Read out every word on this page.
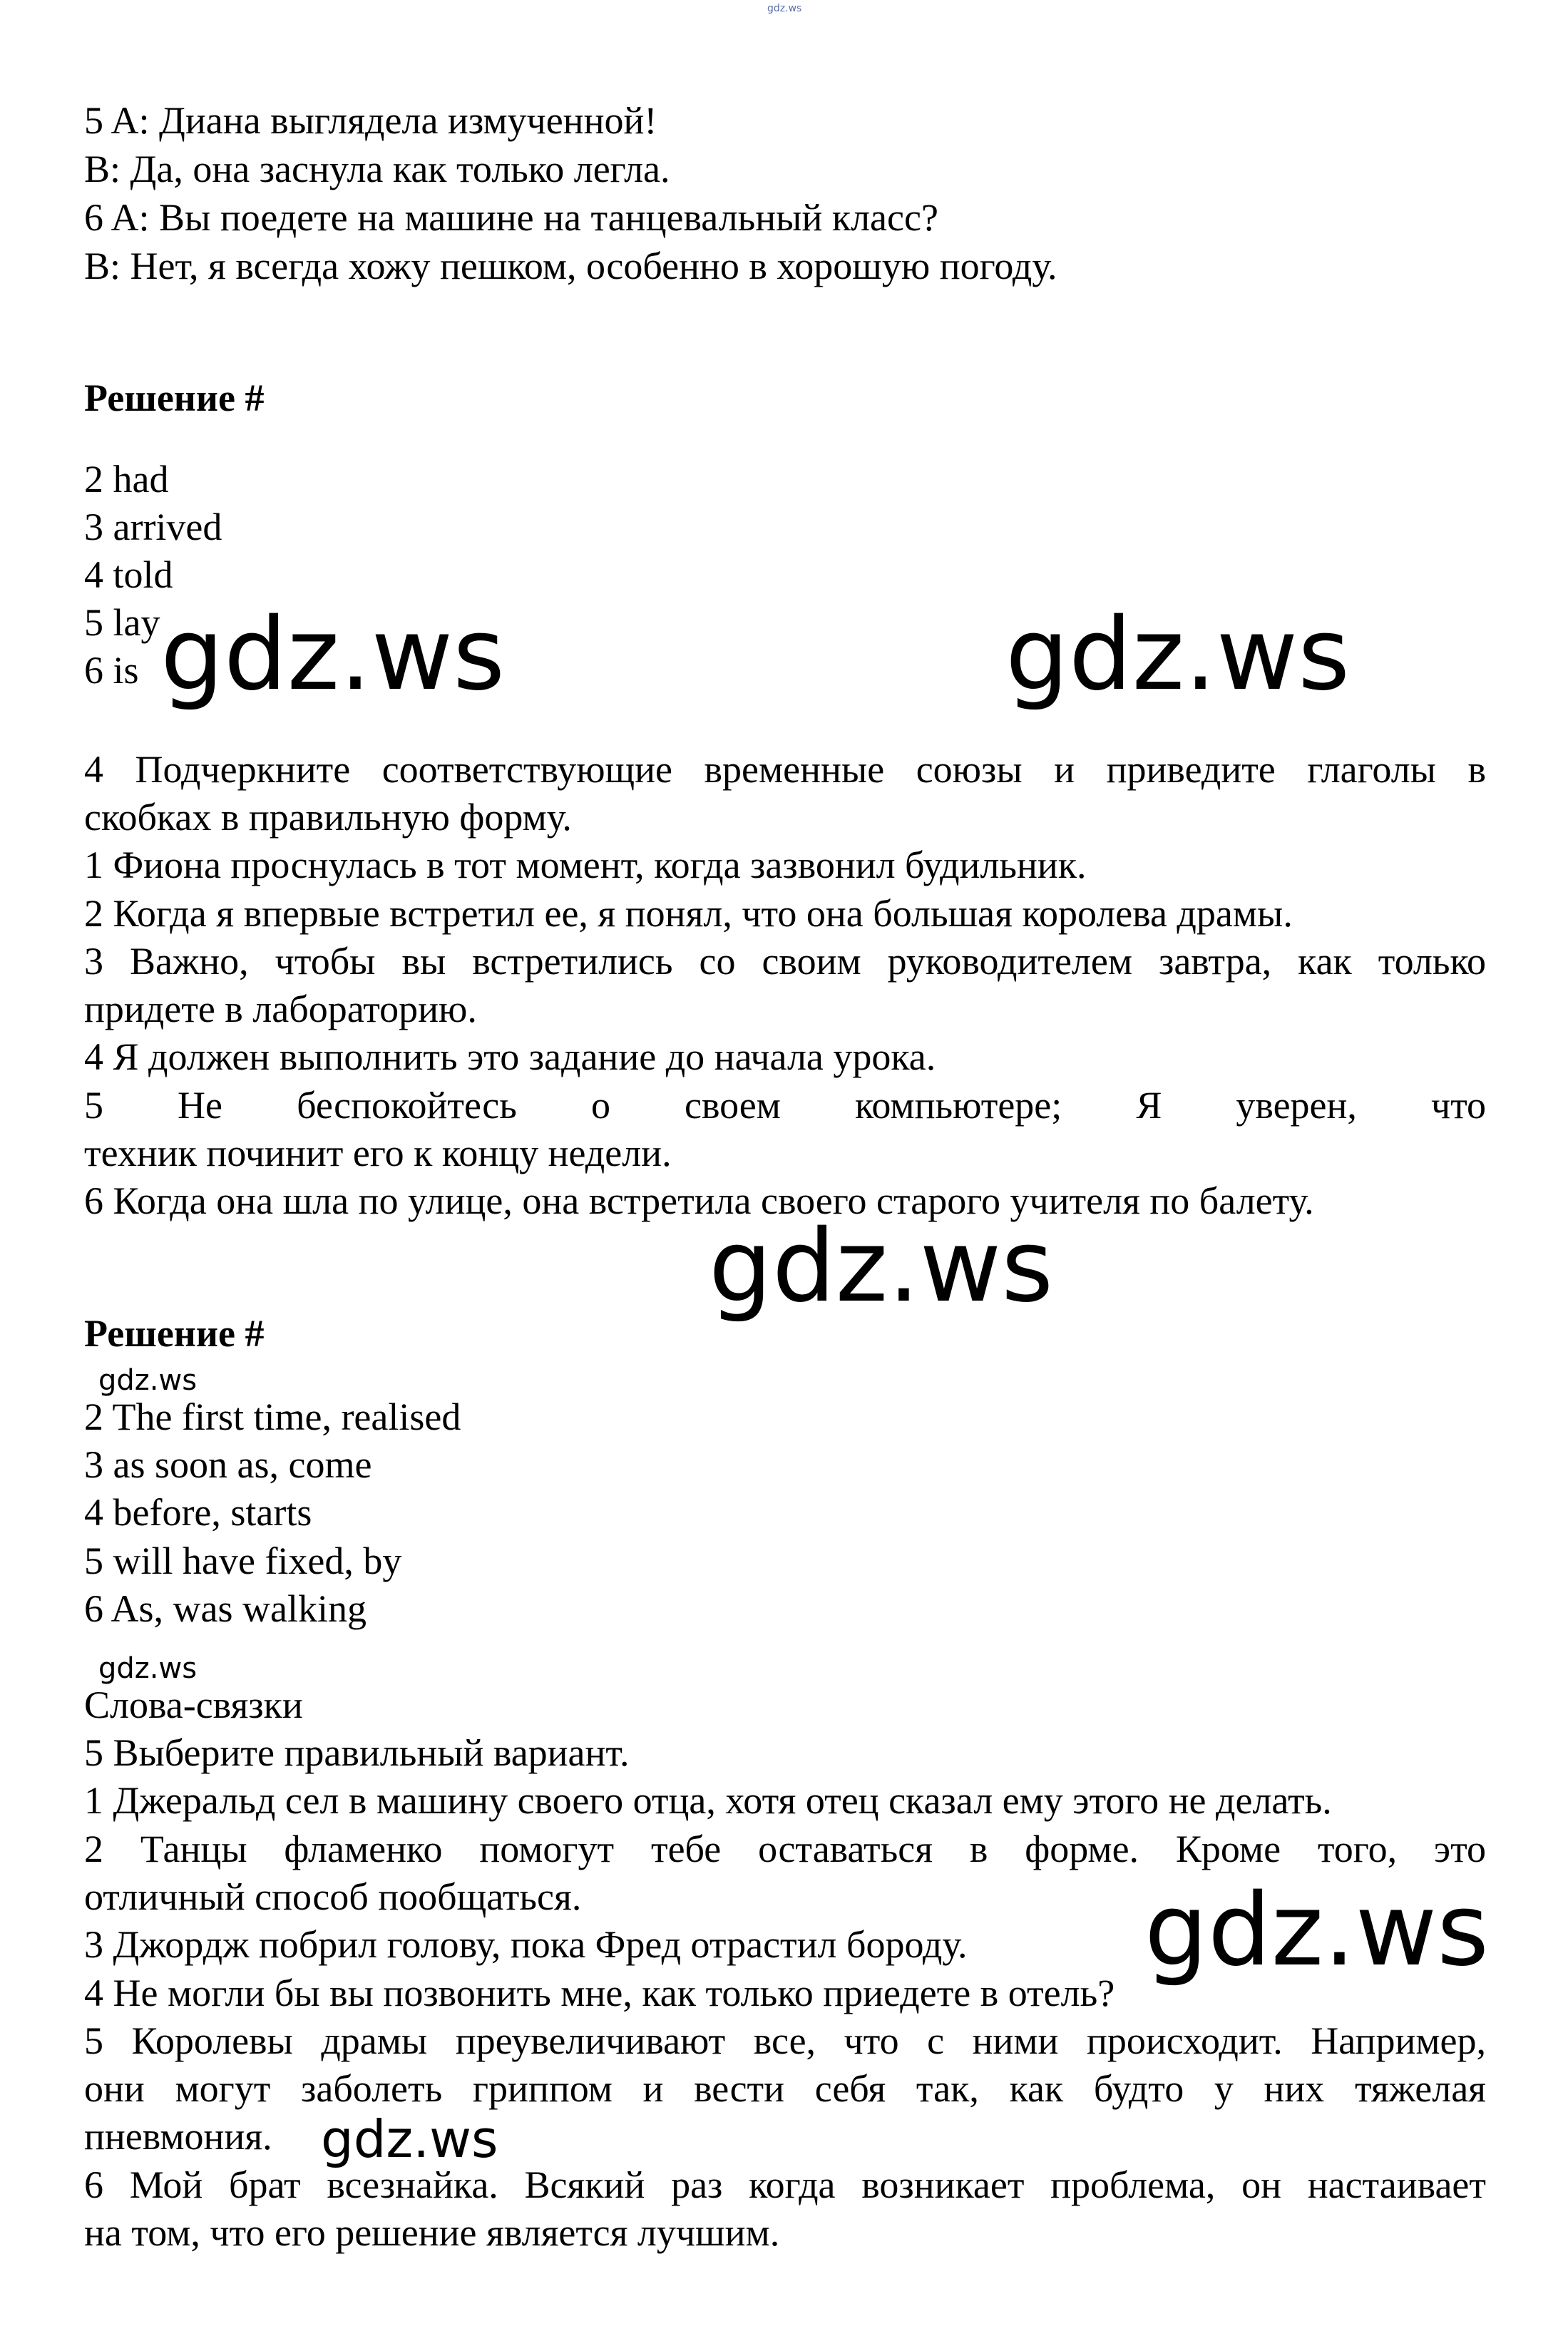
gdz.ws
5 A: Диана выглядела измученной!
B: Да, она заснула как только легла.
6 A: Вы поедете на машине на танцевальный класс?
B: Нет, я всегда хожу пешком, особенно в хорошую погоду.
Решение #
2 had
3 arrived
4 told
5 lay
6 is gdz.ws	gdz.ws
4 Подчеркните соответствующие временные союзы и приведите глаголы в
скобках в правильную форму.
1 Фиона проснулась в тот момент, когда зазвонил будильник.
2 Когда я впервые встретил ее, я понял, что она большая королева драмы.
3 Важно, чтобы вы встретились со своим руководителем завтра, как только
придете в лабораторию.
4 Я должен выполнить это задание до начала урока.
5 Не беспокойтесь о своем компьютере; Я уверен, что
техник починит его к концу недели.
6 Когда она шла по улице, она встретила своего старого учителя по балету.
gdz.ws
Решение #
gdz.ws
2 The first time, realised
3 as soon as, come
4 before, starts
5 will have fixed, by
6 As, was walking
gdz.ws
Слова-связки
5 Выберите правильный вариант.
1 Джеральд сел в машину своего отца, хотя отец сказал ему этого не делать.
2 Танцы фламенко помогут тебе оставаться в форме. Кроме того, это
отличный способ пообщаться.
3 Джордж побрил голову, пока Фред отрастил бороду.
4 Не могли бы вы позвонить мне, как только приедете в отель?
5 Королевы драмы преувеличивают все, что с ними происходит. Например,
они могут заболеть гриппом и вести себя так, как будто у них тяжелая
пневмония.
6 Мой брат всезнайка. Всякий раз когда возникает проблема, он настаивает
на том, что его решение является лучшим.
gdz.ws
gdz.ws
